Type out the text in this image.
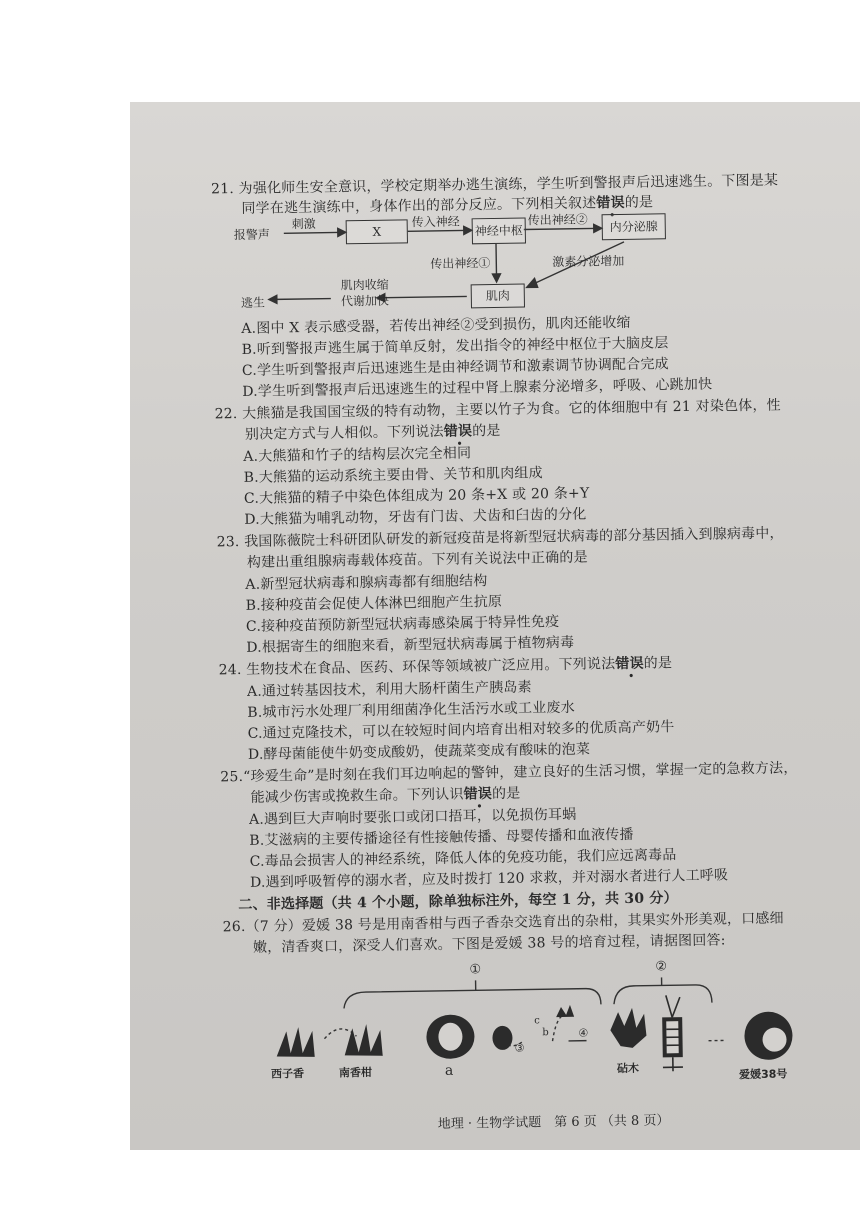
21. 为强化师生安全意识，学校定期举办逃生演练，学生听到警报声后迅速逃生。下图是某
同学在逃生演练中，身体作出的部分反应。下列相关叙述错误的是
报警声
刺激
X
传入神经
神经中枢
传出神经②	内分泌腺
传出神经①	激素分泌增加
肌肉
肌肉收缩
代谢加快
逃生
A.图中 X 表示感受器，若传出神经②受到损伤，肌肉还能收缩
B.听到警报声逃生属于简单反射，发出指令的神经中枢位于大脑皮层
C.学生听到警报声后迅速逃生是由神经调节和激素调节协调配合完成
D.学生听到警报声后迅速逃生的过程中肾上腺素分泌增多，呼吸、心跳加快
22. 大熊猫是我国国宝级的特有动物，主要以竹子为食。它的体细胞中有 21 对染色体，性
别决定方式与人相似。下列说法错误的是
A.大熊猫和竹子的结构层次完全相同
B.大熊猫的运动系统主要由骨、关节和肌肉组成
C.大熊猫的精子中染色体组成为 20 条+X 或 20 条+Y
D.大熊猫为哺乳动物，牙齿有门齿、犬齿和臼齿的分化
23. 我国陈薇院士科研团队研发的新冠疫苗是将新型冠状病毒的部分基因插入到腺病毒中，
构建出重组腺病毒载体疫苗。下列有关说法中正确的是
A.新型冠状病毒和腺病毒都有细胞结构
B.接种疫苗会促使人体淋巴细胞产生抗原
C.接种疫苗预防新型冠状病毒感染属于特异性免疫
D.根据寄生的细胞来看，新型冠状病毒属于植物病毒
24. 生物技术在食品、医药、环保等领域被广泛应用。下列说法错误的是
A.通过转基因技术，利用大肠杆菌生产胰岛素
B.城市污水处理厂利用细菌净化生活污水或工业废水
C.通过克隆技术，可以在较短时间内培育出相对较多的优质高产奶牛
D.酵母菌能使牛奶变成酸奶，使蔬菜变成有酸味的泡菜
25.“珍爱生命”是时刻在我们耳边响起的警钟，建立良好的生活习惯，掌握一定的急救方法，
能减少伤害或挽救生命。下列认识错误的是
A.遇到巨大声响时要张口或闭口捂耳，以免损伤耳蜗
B.艾滋病的主要传播途径有性接触传播、母婴传播和血液传播
C.毒品会损害人的神经系统，降低人体的免疫功能，我们应远离毒品
D.遇到呼吸暂停的溺水者，应及时拨打 120 求救，并对溺水者进行人工呼吸
二、非选择题（共 4 个小题，除单独标注外，每空 1 分，共 30 分）
26.（7 分）爱媛 38 号是用南香柑与西子香杂交选育出的杂柑，其果实外形美观，口感细
嫩，清香爽口，深受人们喜欢。下图是爱媛 38 号的培育过程，请据图回答:
①	②
③
④
c
b
a
西子香	南香柑	砧木	爱媛38号
地理 · 生物学试题　第 6 页 （共 8 页）
